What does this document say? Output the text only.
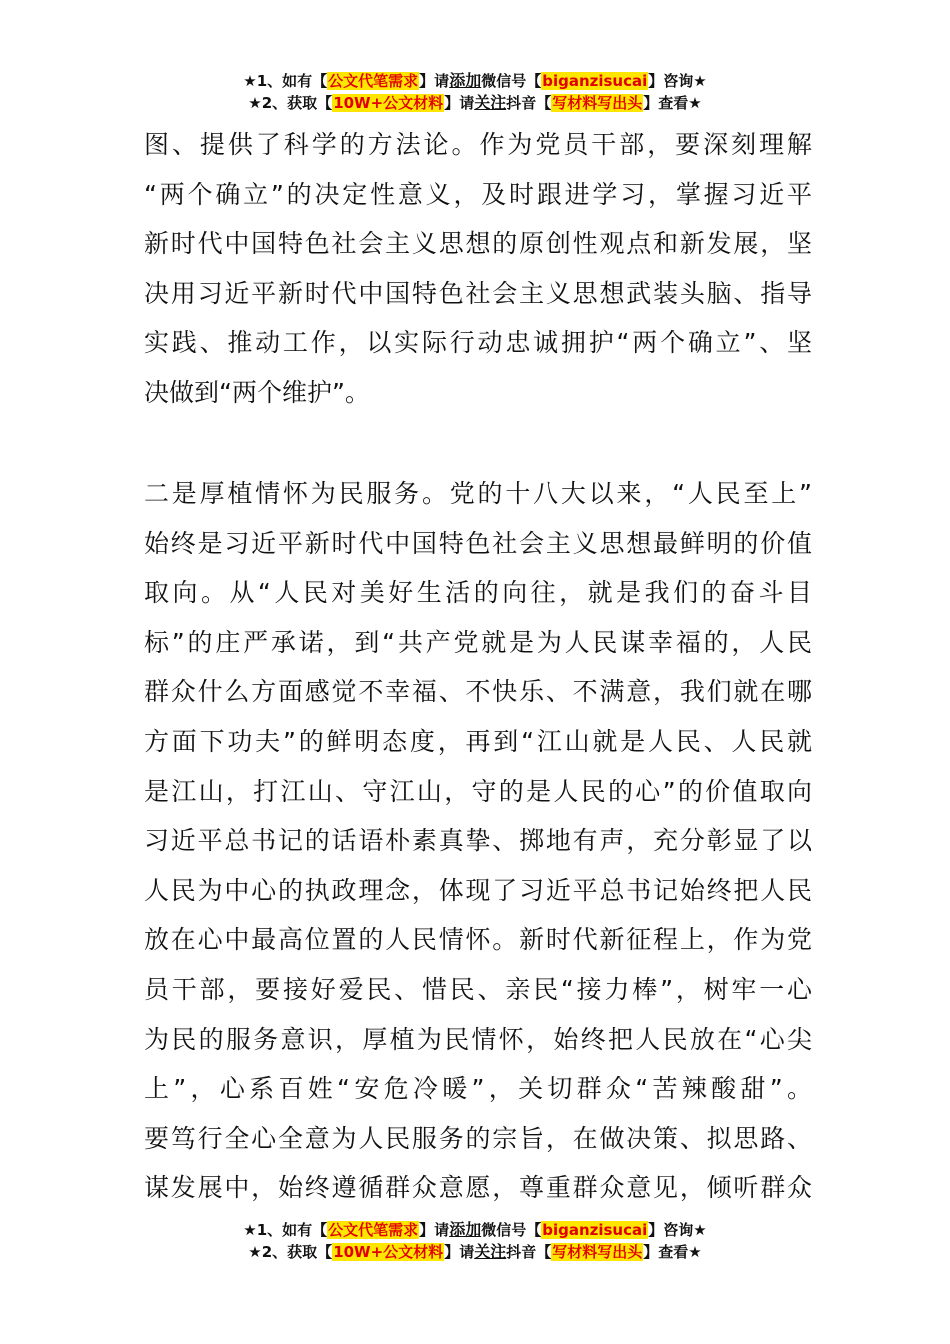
★1、如有【公文代笔需求】请添加微信号【biganzisucai】咨询★
★2、获取【10W+公文材料】请关注抖音【写材料写出头】查看★
图、提供了科学的方法论。作为党员干部，要深刻理解
“两个确立”的决定性意义，及时跟进学习，掌握习近平
新时代中国特色社会主义思想的原创性观点和新发展，坚
决用习近平新时代中国特色社会主义思想武装头脑、指导
实践、推动工作，以实际行动忠诚拥护“两个确立”、坚
决做到“两个维护”。
二是厚植情怀为民服务。党的十八大以来，“人民至上”
始终是习近平新时代中国特色社会主义思想最鲜明的价值
取向。从“人民对美好生活的向往，就是我们的奋斗目
标”的庄严承诺，到“共产党就是为人民谋幸福的，人民
群众什么方面感觉不幸福、不快乐、不满意，我们就在哪
方面下功夫”的鲜明态度，再到“江山就是人民、人民就
是江山，打江山、守江山，守的是人民的心”的价值取向
习近平总书记的话语朴素真挚、掷地有声，充分彰显了以
人民为中心的执政理念，体现了习近平总书记始终把人民
放在心中最高位置的人民情怀。新时代新征程上，作为党
员干部，要接好爱民、惜民、亲民“接力棒”，树牢一心
为民的服务意识，厚植为民情怀，始终把人民放在“心尖
上”，心系百姓“安危冷暖”，关切群众“苦辣酸甜”。
要笃行全心全意为人民服务的宗旨，在做决策、拟思路、
谋发展中，始终遵循群众意愿，尊重群众意见，倾听群众
★1、如有【公文代笔需求】请添加微信号【biganzisucai】咨询★
★2、获取【10W+公文材料】请关注抖音【写材料写出头】查看★
